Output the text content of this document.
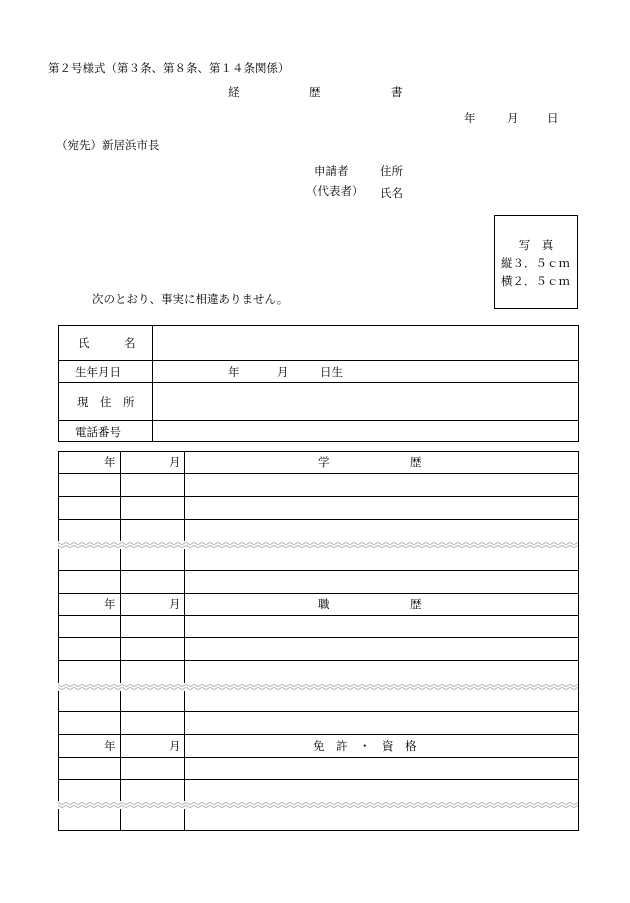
第２号様式（第３条、第８条、第１４条関係）
経	歴	書
年	月 日
（宛先）新居浜市長
申請者	住所
（代表者） 氏名
写　真
縦３．５ｃｍ
横２．５ｃｍ
次のとおり、事実に相違ありません。
氏　　　名
生年月日	年	月	日生
現　住　所
電話番号
年	月	学　　　　　　　歴
年	月	職　　　　　　　歴
年	月	免　許　・　資　格
